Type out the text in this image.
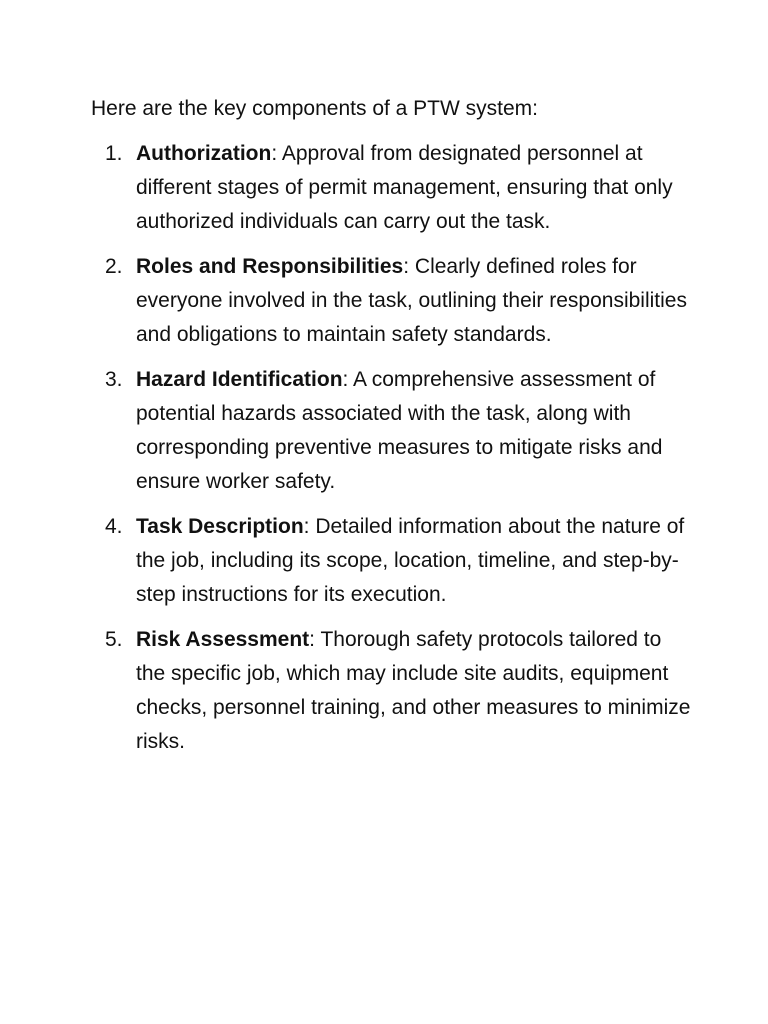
Here are the key components of a PTW system:

1. Authorization: Approval from designated personnel at different stages of permit management, ensuring that only authorized individuals can carry out the task.
2. Roles and Responsibilities: Clearly defined roles for everyone involved in the task, outlining their responsibilities and obligations to maintain safety standards.
3. Hazard Identification: A comprehensive assessment of potential hazards associated with the task, along with corresponding preventive measures to mitigate risks and ensure worker safety.
4. Task Description: Detailed information about the nature of the job, including its scope, location, timeline, and step-by-step instructions for its execution.
5. Risk Assessment: Thorough safety protocols tailored to the specific job, which may include site audits, equipment checks, personnel training, and other measures to minimize risks.
